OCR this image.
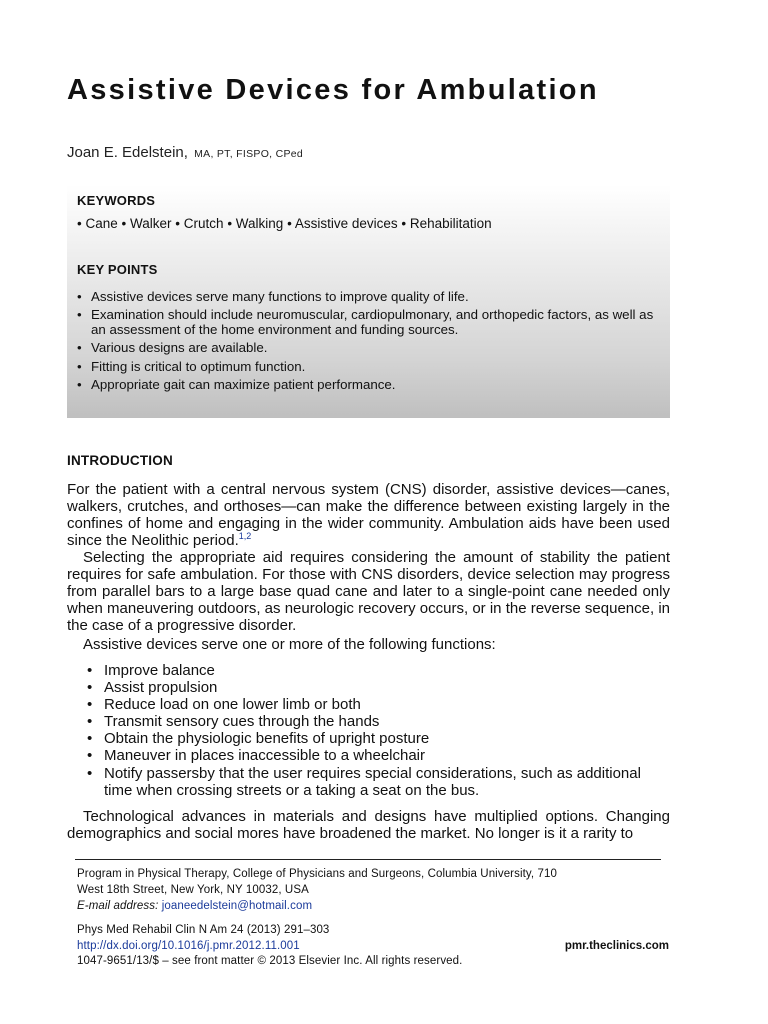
Assistive Devices for Ambulation
Joan E. Edelstein, MA, PT, FISPO, CPed
KEYWORDS
• Cane • Walker • Crutch • Walking • Assistive devices • Rehabilitation
KEY POINTS
• Assistive devices serve many functions to improve quality of life.
• Examination should include neuromuscular, cardiopulmonary, and orthopedic factors, as well as an assessment of the home environment and funding sources.
• Various designs are available.
• Fitting is critical to optimum function.
• Appropriate gait can maximize patient performance.
INTRODUCTION

For the patient with a central nervous system (CNS) disorder, assistive devices—canes, walkers, crutches, and orthoses—can make the difference between existing largely in the confines of home and engaging in the wider community. Ambulation aids have been used since the Neolithic period.$^{1,2}$

Selecting the appropriate aid requires considering the amount of stability the patient requires for safe ambulation. For those with CNS disorders, device selection may progress from parallel bars to a large base quad cane and later to a single-point cane needed only when maneuvering outdoors, as neurologic recovery occurs, or in the reverse sequence, in the case of a progressive disorder.

Assistive devices serve one or more of the following functions:

• Improve balance
• Assist propulsion
• Reduce load on one lower limb or both
• Transmit sensory cues through the hands
• Obtain the physiologic benefits of upright posture
• Maneuver in places inaccessible to a wheelchair
• Notify passersby that the user requires special considerations, such as additional time when crossing streets or a taking a seat on the bus.

Technological advances in materials and designs have multiplied options. Changing demographics and social mores have broadened the market. No longer is it a rarity to

Program in Physical Therapy, College of Physicians and Surgeons, Columbia University, 710
West 18th Street, New York, NY 10032, USA
E-mail address: joaneedelstein@hotmail.com
Phys Med Rehabil Clin N Am 24 (2013) 291–303
http://dx.doi.org/10.1016/j.pmr.2012.11.001	pmr.theclinics.com
1047-9651/13/$ – see front matter © 2013 Elsevier Inc. All rights reserved.
